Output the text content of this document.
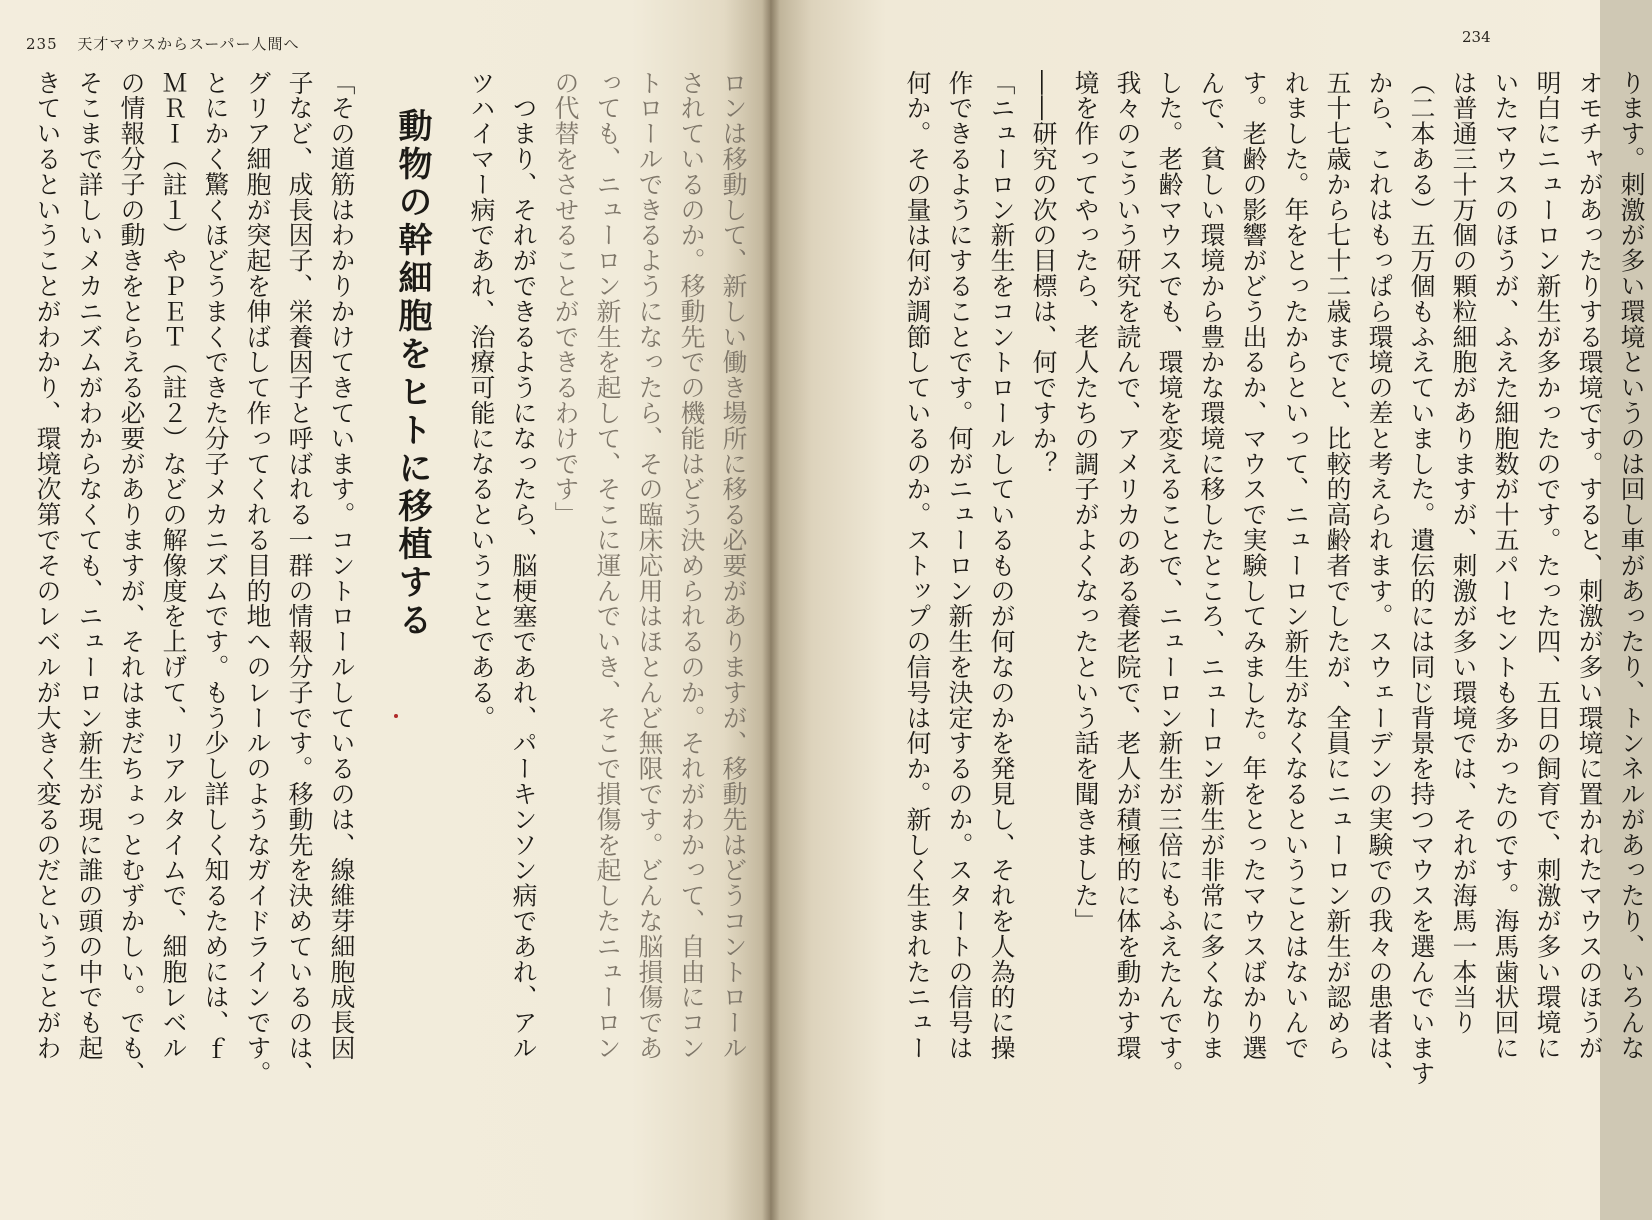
235 天才マウスからスーパー人間へ
「その道筋はわかりかけてきています。コントロールしているのは、線維芽細胞成長因
子など、成長因子、栄養因子と呼ばれる一群の情報分子です。移動先を決めているのは、
グリア細胞が突起を伸ばして作ってくれる目的地へのレールのようなガイドラインです。
とにかく驚くほどうまくできた分子メカニズムです。もう少し詳しく知るためには、ｆ
ＭＲＩ（註１）やＰＥＴ（註２）などの解像度を上げて、リアルタイムで、細胞レベル
の情報分子の動きをとらえる必要がありますが、それはまだちょっとむずかしい。でも、
そこまで詳しいメカニズムがわからなくても、ニューロン新生が現に誰の頭の中でも起
きているということがわかり、環境次第でそのレベルが大きく変るのだということがわ	動物の幹細胞をヒトに移植する	ロンは移動して、新しい働き場所に移る必要がありますが、移動先はどうコントロール
されているのか。移動先での機能はどう決められるのか。それがわかって、自由にコン
トロールできるようになったら、その臨床応用はほとんど無限です。どんな脳損傷であ
っても、ニューロン新生を起して、そこに運んでいき、そこで損傷を起したニューロン
の代替をさせることができるわけです」
　つまり、それができるようになったら、脳梗塞であれ、パーキンソン病であれ、アル
ツハイマー病であれ、治療可能になるということである。	ります。刺激が多い環境というのは回し車があったり、トンネルがあったり、いろんな
オモチャがあったりする環境です。すると、刺激が多い環境に置かれたマウスのほうが
明白にニューロン新生が多かったのです。たった四、五日の飼育で、刺激が多い環境に
いたマウスのほうが、ふえた細胞数が十五パーセントも多かったのです。海馬歯状回に
は普通三十万個の顆粒細胞がありますが、刺激が多い環境では、それが海馬一本当り
（二本ある）五万個もふえていました。遺伝的には同じ背景を持つマウスを選んでいます
から、これはもっぱら環境の差と考えられます。スウェーデンの実験での我々の患者は、
五十七歳から七十二歳までと、比較的高齢者でしたが、全員にニューロン新生が認めら
れました。年をとったからといって、ニューロン新生がなくなるということはないんで
す。老齢の影響がどう出るか、マウスで実験してみました。年をとったマウスばかり選
んで、貧しい環境から豊かな環境に移したところ、ニューロン新生が非常に多くなりま
した。老齢マウスでも、環境を変えることで、ニューロン新生が三倍にもふえたんです。
我々のこういう研究を読んで、アメリカのある養老院で、老人が積極的に体を動かす環
境を作ってやったら、老人たちの調子がよくなったという話を聞きました」
――研究の次の目標は、何ですか？
「ニューロン新生をコントロールしているものが何なのかを発見し、それを人為的に操
作できるようにすることです。何がニューロン新生を決定するのか。スタートの信号は
何か。その量は何が調節しているのか。ストップの信号は何か。新しく生まれたニュー
234
